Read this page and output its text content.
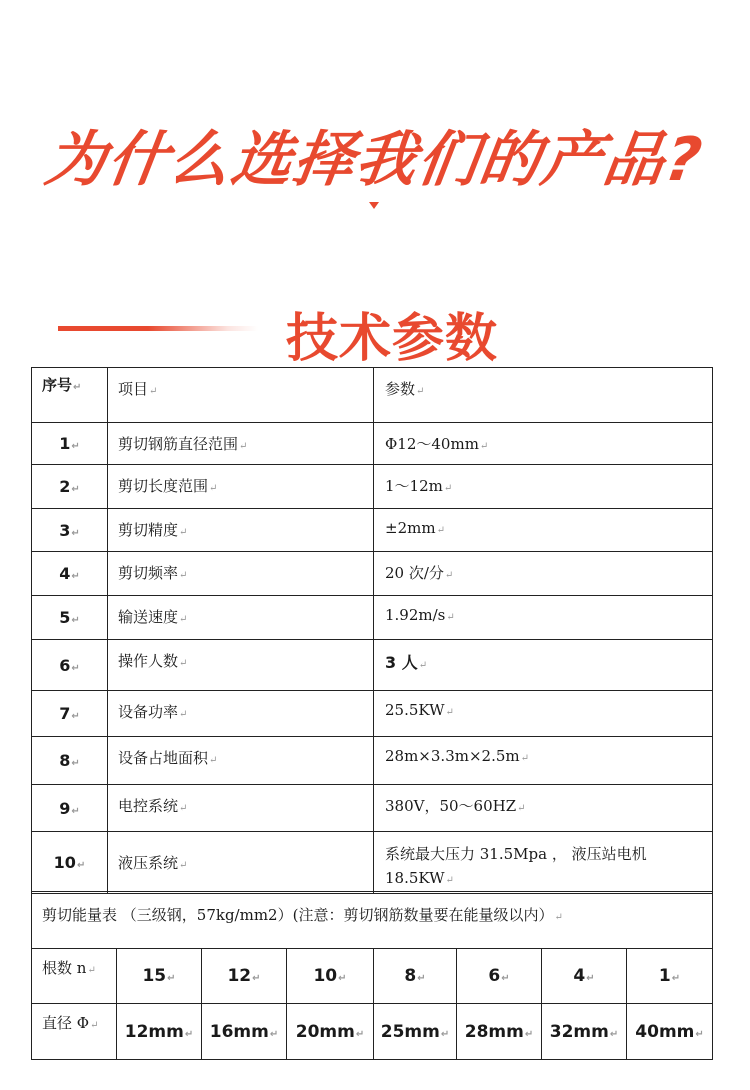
为什么选择我们的产品?
技术参数
序号↵	项目↵	参数↵
1↵	剪切钢筋直径范围↵	Φ12～40mm↵
2↵	剪切长度范围↵	1～12m↵
3↵	剪切精度↵	±2mm↵
4↵	剪切频率↵	20 次/分↵
5↵	输送速度↵	1.92m/s↵
6↵	操作人数↵	3 人↵
7↵	设备功率↵	25.5KW↵
8↵	设备占地面积↵	28m×3.3m×2.5m↵
9↵	电控系统↵	380V，50～60HZ↵
10↵	液压系统↵	系统最大压力 31.5Mpa ， 液压站电机 18.5KW↵
剪切能量表 （三级钢，57kg/mm2）(注意：剪切钢筋数量要在能量级以内）↵							
根数 n↵	15↵	12↵	10↵	8↵	6↵	4↵	1↵
直径 Φ↵	12mm↵	16mm↵	20mm↵	25mm↵	28mm↵	32mm↵	40mm↵
